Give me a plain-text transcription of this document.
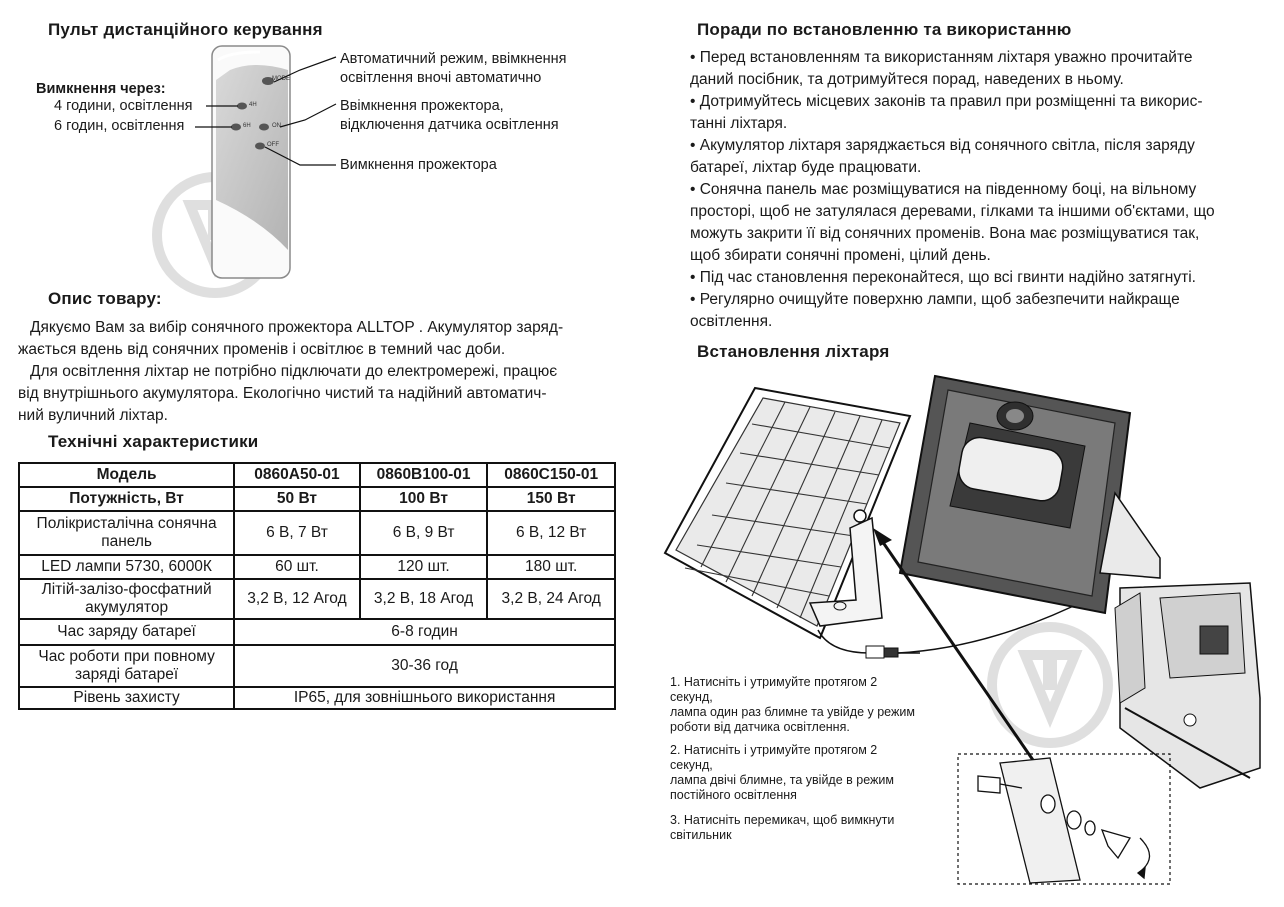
Пульт дистанційного керування
MODE
4H
6H	ON
OFF
Вимкнення через:
4 години, освітлення
6 годин, освітлення
Автоматичний режим, ввімкнення
освітлення вночі автоматично
Ввімкнення прожектора,
відключення датчика освітлення
Вимкнення прожектора
Опис товару:
Дякуємо Вам за вибір сонячного прожектора ALLTOP . Акумулятор заряд-
жається вдень від сонячних променів і освітлює в темний час доби.
Для освітлення ліхтар не потрібно підключати до електромережі, працює
від внутрішнього акумулятора. Екологічно чистий та надійний автоматич-
ний вуличний ліхтар.
Технічні характеристики
Модель	0860A50-01	0860B100-01	0860C150-01
Потужність, Вт	50 Вт	100 Вт	150 Вт
Полікристалічна сонячна панель	6 В, 7 Вт	6 В, 9 Вт	6 В, 12 Вт
LED лампи 5730, 6000К	60 шт.	120 шт.	180 шт.
Літій-залізо-фосфатний акумулятор	3,2 В, 12 Агод	3,2 В, 18 Агод	3,2 В, 24 Агод
Час заряду батареї	6-8 годин		
Час роботи при повному заряді батареї	30-36 год		
Рівень захисту	IP65, для зовнішнього використання		
Поради по встановленню та використанню

• Перед встановленням та використанням ліхтаря уважно прочитайте

даний посібник, та дотримуйтеся порад, наведених в ньому.

• Дотримуйтесь місцевих законів та правил при розміщенні та викорис-

танні ліхтаря.

• Акумулятор ліхтаря заряджається від сонячного світла, після заряду

батареї, ліхтар буде працювати.

• Сонячна панель має розміщуватися на південному боці, на вільному

просторі, щоб не затулялася деревами, гілками та іншими об'єктами, що

можуть закрити її від сонячних променів. Вона має розміщуватися так,

щоб збирати сонячні промені, цілий день.

• Під час становлення переконайтеся, що всі гвинти надійно затягнуті.

• Регулярно очищуйте поверхню лампи, щоб забезпечити найкраще

освітлення.

Встановлення ліхтаря
1. Натисніть і утримуйте протягом 2
секунд,
лампа один раз блимне та увійде у режим
роботи від датчика освітлення.
2. Натисніть і утримуйте протягом 2
секунд,
лампа двічі блимне, та увійде в режим
постійного освітлення
3. Натисніть перемикач, щоб вимкнути
світильник
